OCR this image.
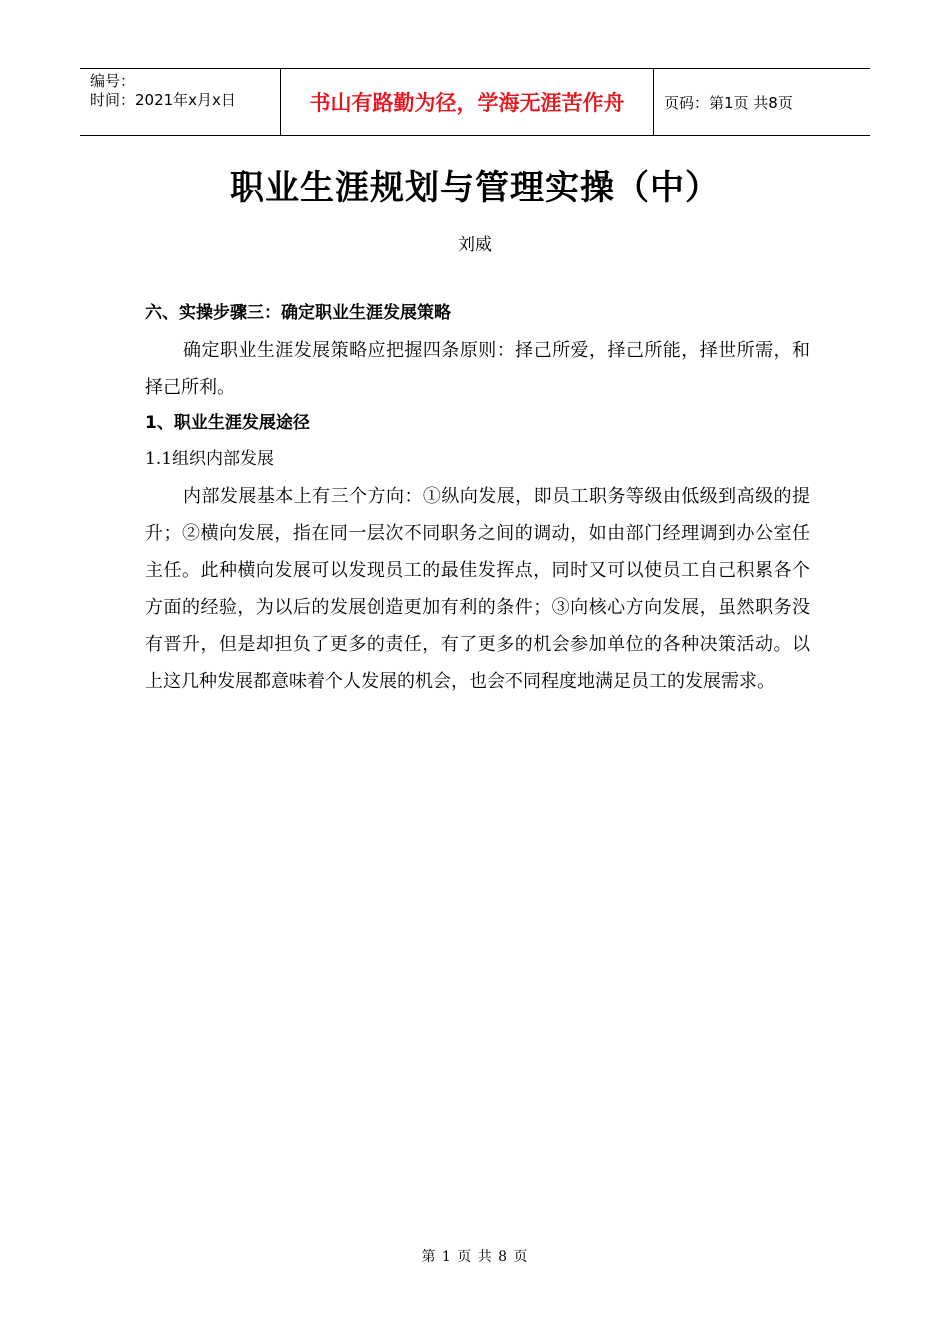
编号：
时间：2021年x月x日	书山有路勤为径，学海无涯苦作舟	页码：第1页 共8页
职业生涯规划与管理实操（中）
刘威

六、实操步骤三：确定职业生涯发展策略

确定职业生涯发展策略应把握四条原则：择己所爱，择己所能，择世所需，和择己所利。

1、职业生涯发展途径

1.1组织内部发展

内部发展基本上有三个方向：①纵向发展，即员工职务等级由低级到高级的提升；②横向发展，指在同一层次不同职务之间的调动，如由部门经理调到办公室任主任。此种横向发展可以发现员工的最佳发挥点，同时又可以使员工自己积累各个方面的经验，为以后的发展创造更加有利的条件；③向核心方向发展，虽然职务没有晋升，但是却担负了更多的责任，有了更多的机会参加单位的各种决策活动。以上这几种发展都意味着个人发展的机会，也会不同程度地满足员工的发展需求。

第 1 页 共 8 页
